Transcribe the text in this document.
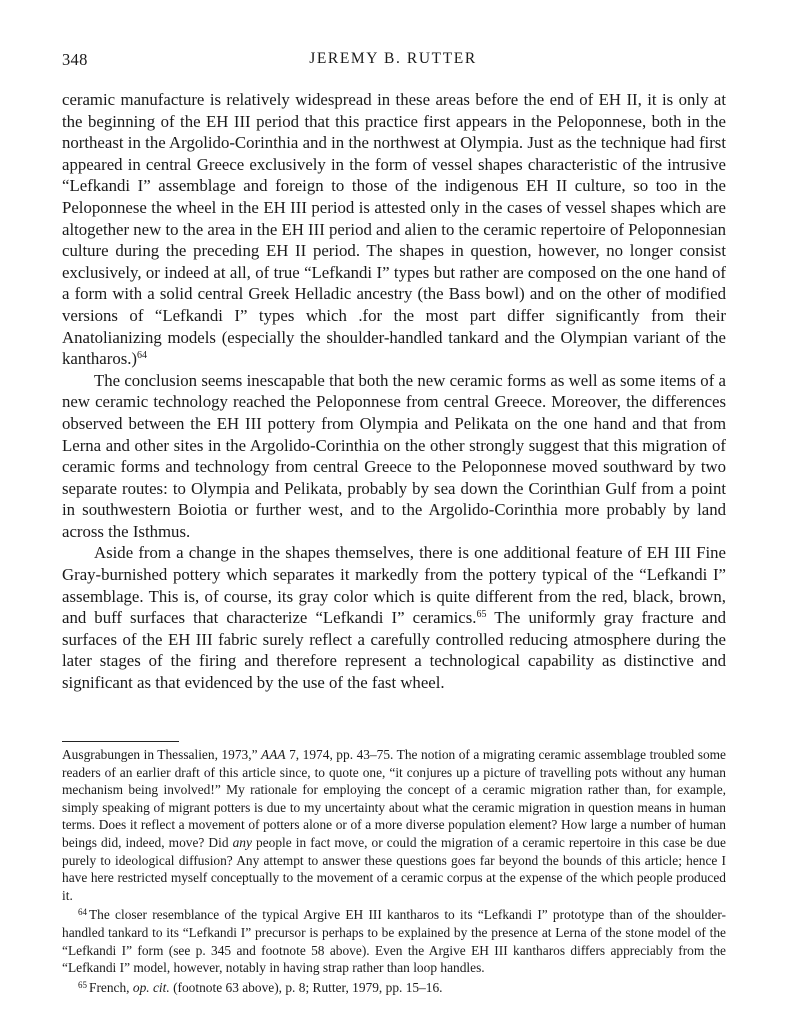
348	JEREMY B. RUTTER

ceramic manufacture is relatively widespread in these areas before the end of EH II, it is only at the beginning of the EH III period that this practice first appears in the Peloponnese, both in the northeast in the Argolido-Corinthia and in the northwest at Olympia. Just as the technique had first appeared in central Greece exclusively in the form of vessel shapes characteristic of the intrusive “Lefkandi I” assemblage and foreign to those of the indigenous EH II culture, so too in the Peloponnese the wheel in the EH III period is attested only in the cases of vessel shapes which are altogether new to the area in the EH III period and alien to the ceramic repertoire of Peloponnesian culture during the preceding EH II period. The shapes in question, however, no longer consist exclusively, or indeed at all, of true “Lefkandi I” types but rather are composed on the one hand of a form with a solid central Greek Helladic ancestry (the Bass bowl) and on the other of modified versions of “Lefkandi I” types which .for the most part differ significantly from their Anatolianizing models (especially the shoulder-handled tankard and the Olympian variant of the kantharos.)$^{64}$

The conclusion seems inescapable that both the new ceramic forms as well as some items of a new ceramic technology reached the Peloponnese from central Greece. Moreover, the differences observed between the EH III pottery from Olympia and Pelikata on the one hand and that from Lerna and other sites in the Argolido-Corinthia on the other strongly suggest that this migration of ceramic forms and technology from central Greece to the Peloponnese moved southward by two separate routes: to Olympia and Pelikata, probably by sea down the Corinthian Gulf from a point in southwestern Boiotia or further west, and to the Argolido-Corinthia more probably by land across the Isthmus.

Aside from a change in the shapes themselves, there is one additional feature of EH III Fine Gray-burnished pottery which separates it markedly from the pottery typical of the “Lefkandi I” assemblage. This is, of course, its gray color which is quite different from the red, black, brown, and buff surfaces that characterize “Lefkandi I” ceramics.$^{65}$ The uniformly gray fracture and surfaces of the EH III fabric surely reflect a carefully controlled reducing atmosphere during the later stages of the firing and therefore represent a technological capability as distinctive and significant as that evidenced by the use of the fast wheel.

Ausgrabungen in Thessalien, 1973,” AAA 7, 1974, pp. 43–75. The notion of a migrating ceramic assemblage troubled some readers of an earlier draft of this article since, to quote one, “it conjures up a picture of travelling pots without any human mechanism being involved!” My rationale for employing the concept of a ceramic migration rather than, for example, simply speaking of migrant potters is due to my uncertainty about what the ceramic migration in question means in human terms. Does it reflect a movement of potters alone or of a more diverse population element? How large a number of human beings did, indeed, move? Did any people in fact move, or could the migration of a ceramic repertoire in this case be due purely to ideological diffusion? Any attempt to answer these questions goes far beyond the bounds of this article; hence I have here restricted myself conceptually to the movement of a ceramic corpus at the expense of the which people produced it.

$^{64}$ The closer resemblance of the typical Argive EH III kantharos to its “Lefkandi I” prototype than of the shoulder-handled tankard to its “Lefkandi I” precursor is perhaps to be explained by the presence at Lerna of the stone model of the “Lefkandi I” form (see p. 345 and footnote 58 above). Even the Argive EH III kantharos differs appreciably from the “Lefkandi I” model, however, notably in having strap rather than loop handles.

$^{65}$ French, op. cit. (footnote 63 above), p. 8; Rutter, 1979, pp. 15–16.
